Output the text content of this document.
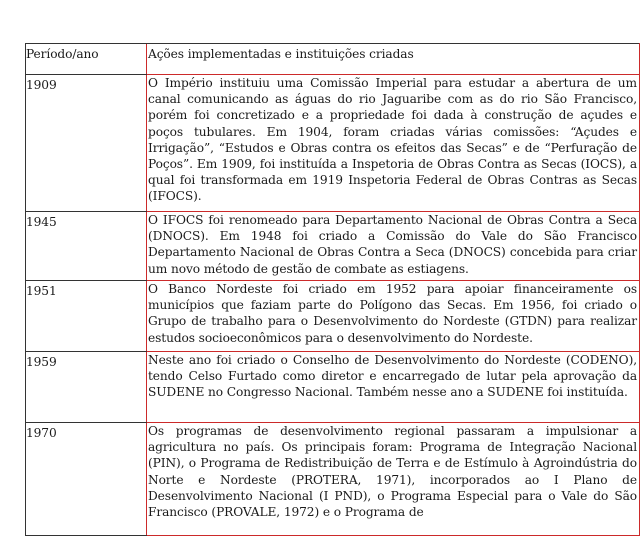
Período/ano	Ações implementadas e instituições criadas
1909	O Império instituiu uma Comissão Imperial para estudar a abertura de um canal comunicando as águas do rio Jaguaribe com as do rio São Francisco, porém foi concretizado e a propriedade foi dada à construção de açudes e poços tubulares. Em 1904, foram criadas várias comissões: “Açudes e Irrigação”, “Estudos e Obras contra os efeitos das Secas” e de “Perfuração de Poços”. Em 1909, foi instituída a Inspetoria de Obras Contra as Secas (IOCS), a qual foi transformada em 1919 Inspetoria Federal de Obras Contras as Secas (IFOCS).
1945	O IFOCS foi renomeado para Departamento Nacional de Obras Contra a Seca (DNOCS). Em 1948 foi criado a Comissão do Vale do São Francisco Departamento Nacional de Obras Contra a Seca (DNOCS) concebida para criar um novo método de gestão de combate as estiagens.
1951	O Banco Nordeste foi criado em 1952 para apoiar financeiramente os municípios que faziam parte do Polígono das Secas. Em 1956, foi criado o Grupo de trabalho para o Desenvolvimento do Nordeste (GTDN) para realizar estudos socioeconômicos para o desenvolvimento do Nordeste.
1959	Neste ano foi criado o Conselho de Desenvolvimento do Nordeste (CODENO), tendo Celso Furtado como diretor e encarregado de lutar pela aprovação da SUDENE no Congresso Nacional. Também nesse ano a SUDENE foi instituída.
1970	Os programas de desenvolvimento regional passaram a impulsionar a agricultura no país. Os principais foram: Programa de Integração Nacional (PIN), o Programa de Redistribuição de Terra e de Estímulo à Agroindústria do Norte e Nordeste (PROTERA, 1971), incorporados ao I Plano de Desenvolvimento Nacional (I PND), o Programa Especial para o Vale do São Francisco (PROVALE, 1972) e o Programa de
